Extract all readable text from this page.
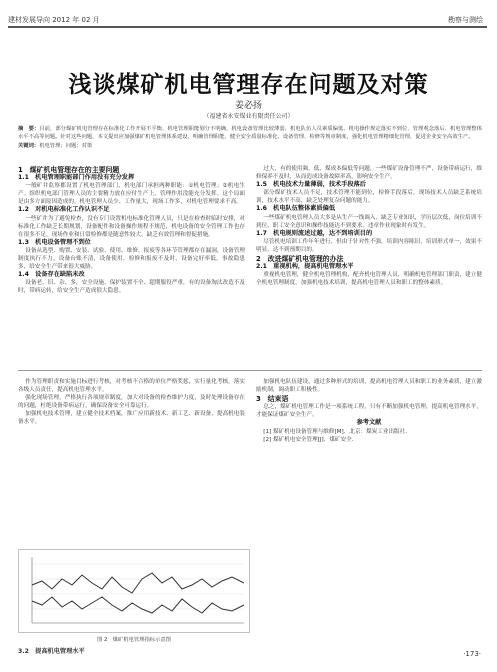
建材发展导向 2012 年 02 月	勘察与测绘
浅谈煤矿机电管理存在问题及对策
姜必扬
（福建省永安煤业有限责任公司）
摘　要：目前，部分煤矿机电管理存在标准化工作开展不平衡、机电管理职能划分不明确、机电设备管理比较薄弱、机电队伍人员素质偏低、机电操作规定落实不到位、管理观念落后、机电管理整体水平不高等问题。针对这些问题，本文提出应加强煤矿机电管理体系建设，明确管理职能，健全安全质量标准化、设备管理、检修等规章制度，强化机电管理精细化管理，促进企业安全高效生产。
关键词：机电管理；问题；对策
1　煤矿机电管理存在的主要问题
1.1　机电管理职能部门作用没有充分发挥

一般矿井监察都设置了机电管理部门，机电部门承担两种职能：①机电管理；②机电生产。组织机电部门管理人员的主要精力放在应付生产上，管理作用没能充分发挥。这个局面是由多方面原因造成的，机电管理人员少、工作量大，现场工作多，对机电管理要求不高。

1.2　对机电标准化工作认识不足

一些矿井为了避免检查，没有专门设置机电标准化管理人员，只是在检查时临时安排，对标准化工作缺乏长期规划，设备配件和设备操作规程不规范，机电设备的安全管理工作也存在很多不足，现场作业和日常检修都是随意性较大，缺乏有效管理和督促措施。

1.3　机电设备管理不到位

设备从选型、购置、安装、试验、使用、维修、报废等各环节管理都存在漏洞，设备管理制度执行不力，设备台账不清，设备使用、检修和报废不及时，设备完好率低，事故隐患多，给安全生产带来很大威胁。

1.4　设备存在缺陷未改

设备老、旧、杂、多，安全设施、保护装置不全、超期服役严重，有的设备淘汰改造不及时，带病运转，给安全生产造成很大隐患。

过大，有的使用频、低、煤成本偏低等问题。一些煤矿设备管理不严，设备带病运行，维修保养不及时，从而造成设备故障率高，影响安全生产。

1.5　机电技术力量薄弱，技术手段落后

部分煤矿技术人员不足，技术管理不能到位，检修手段落后，现场技术人员缺乏系统培训，技术水平不高，缺乏处理复杂问题的能力。

1.6　机电队伍整体素质偏低

一些煤矿机电管理人员大多是从生产一线调入，缺乏专业知识，学历层次低，岗位培训不到位，职工安全意识和操作技能达不到要求，违章作业现象时有发生。

1.7　机电规则流述过越，达不到培训目的

尽管机电培训工作年年进行，但由于针对性不强，培训内容陈旧，培训形式单一，效果不明显，达不到预期目的。

2　改进煤矿机电管理的办法
2.1　重视机构，提高机电管理水平

重视机电管理，健全机电管理机构，配齐机电管理人员，明确机电管理部门职责，建立健全机电管理制度，加强机电技术培训，提高机电管理人员和职工的整体素质。

作为管理职责和实施目标进行考核，对考核不合格的单位严格奖惩，实行量化考核，落实各级人员责任，提高机电管理水平。

强化现场管理，严格执行各项规章制度，加大对设备的检查维护力度，及时处理设备存在的问题，杜绝设备带病运行，确保设备安全可靠运行。

加强机电技术管理，建立健全技术档案，推广应用新技术、新工艺、新设备，提高机电装备水平。

加强机电队伍建设，通过多种形式的培训，提高机电管理人员和职工的业务素质，建立激励机制，调动职工积极性。

3　结束语

总之，煤矿机电管理工作是一项系统工程，只有不断加强机电管理，提高机电管理水平，才能保证煤矿安全生产。

参考文献

[1] 煤矿机电设备管理与维修[M]．北京：煤炭工业出版社．

[2] 煤矿机电安全管理[J]．煤矿安全．

图 2　煤矿机电管理指标示意图
3.2　提高机电管理水平	·173·
